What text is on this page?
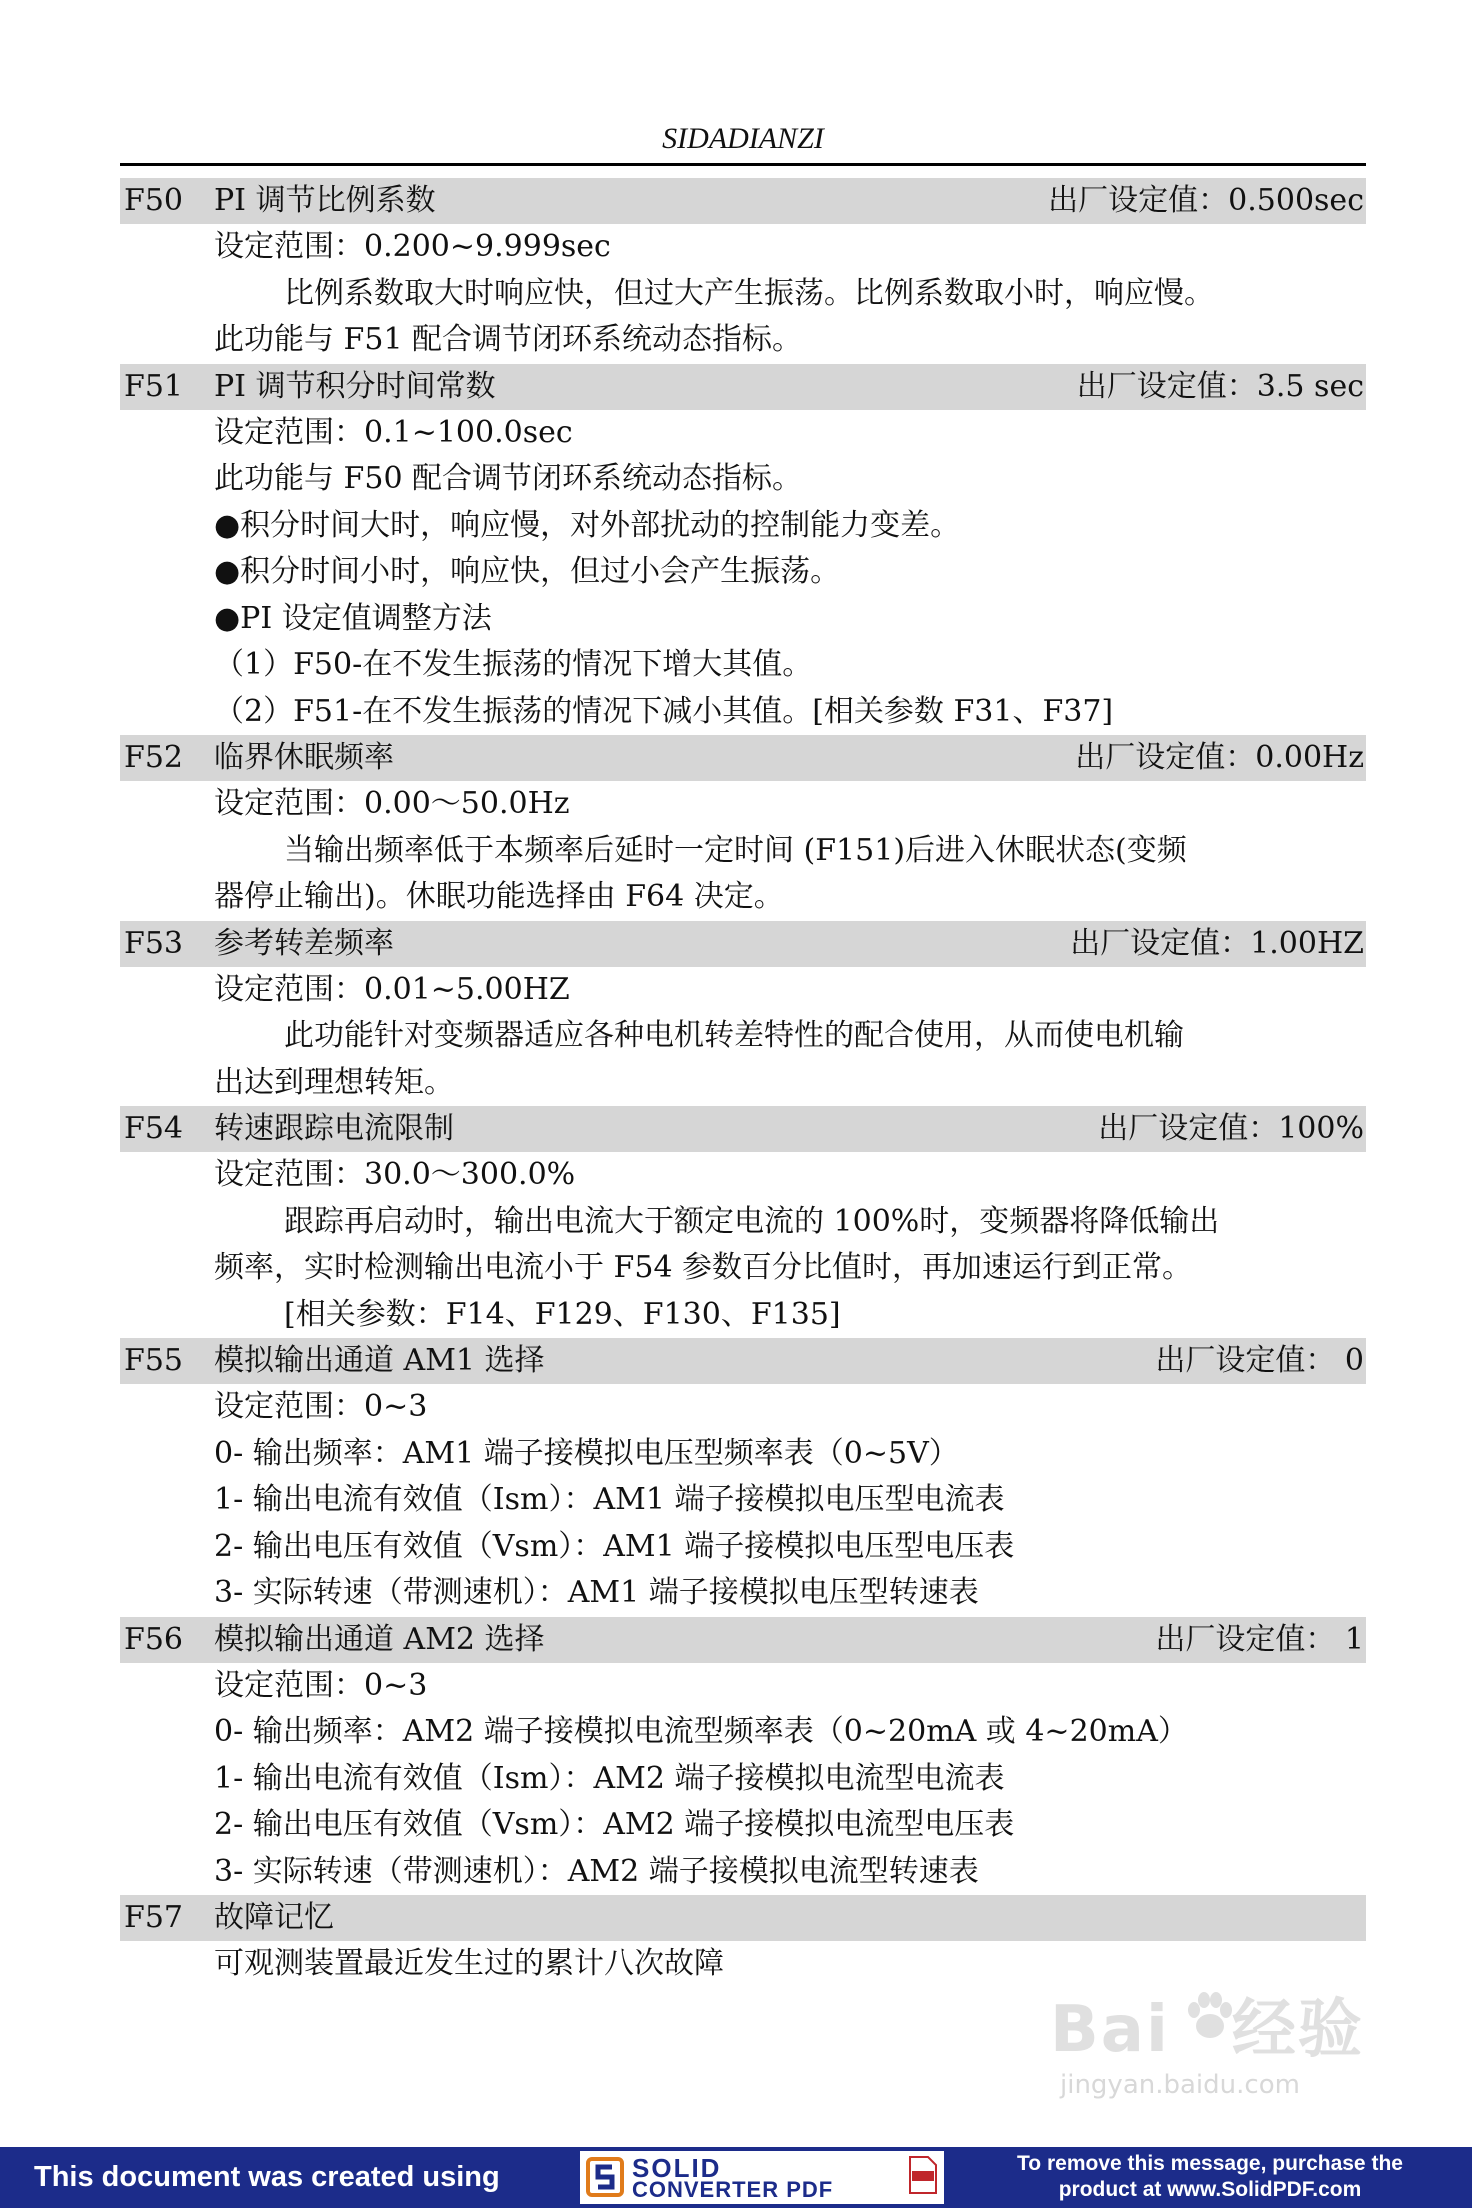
SIDADIANZI
F50 PI 调节比例系数	出厂设定值：0.500sec
设定范围：0.200~9.999sec
比例系数取大时响应快，但过大产生振荡。比例系数取小时，响应慢。
此功能与 F51 配合调节闭环系统动态指标。
F51 PI 调节积分时间常数	出厂设定值：3.5 sec
设定范围：0.1~100.0sec
此功能与 F50 配合调节闭环系统动态指标。
●积分时间大时，响应慢，对外部扰动的控制能力变差。
●积分时间小时，响应快，但过小会产生振荡。
●PI 设定值调整方法
（1）F50-在不发生振荡的情况下增大其值。
（2）F51-在不发生振荡的情况下减小其值。[相关参数 F31、F37]
F52 临界休眠频率	出厂设定值：0.00Hz
设定范围：0.00～50.0Hz
当输出频率低于本频率后延时一定时间 (F151)后进入休眠状态(变频
器停止输出)。休眠功能选择由 F64 决定。
F53 参考转差频率	出厂设定值：1.00HZ
设定范围：0.01~5.00HZ
此功能针对变频器适应各种电机转差特性的配合使用，从而使电机输
出达到理想转矩。
F54 转速跟踪电流限制	出厂设定值：100%
设定范围：30.0～300.0%
跟踪再启动时，输出电流大于额定电流的 100%时，变频器将降低输出
频率，实时检测输出电流小于 F54 参数百分比值时，再加速运行到正常。
[相关参数：F14、F129、F130、F135]
F55 模拟输出通道 AM1 选择	出厂设定值： 0
设定范围：0~3
0- 输出频率：AM1 端子接模拟电压型频率表（0~5V）
1- 输出电流有效值（Ism）：AM1 端子接模拟电压型电流表
2- 输出电压有效值（Vsm）：AM1 端子接模拟电压型电压表
3- 实际转速（带测速机）：AM1 端子接模拟电压型转速表
F56 模拟输出通道 AM2 选择	出厂设定值： 1
设定范围：0~3
0- 输出频率：AM2 端子接模拟电流型频率表（0~20mA 或 4~20mA）
1- 输出电流有效值（Ism）：AM2 端子接模拟电流型电流表
2- 输出电压有效值（Vsm）：AM2 端子接模拟电流型电压表
3- 实际转速（带测速机）：AM2 端子接模拟电流型转速表
F57 故障记忆
可观测装置最近发生过的累计八次故障
Bai 经验
jingyan.baidu.com
This document was created using	SOLID
CONVERTER PDF
To remove this message, purchase the
product at www.SolidPDF.com
